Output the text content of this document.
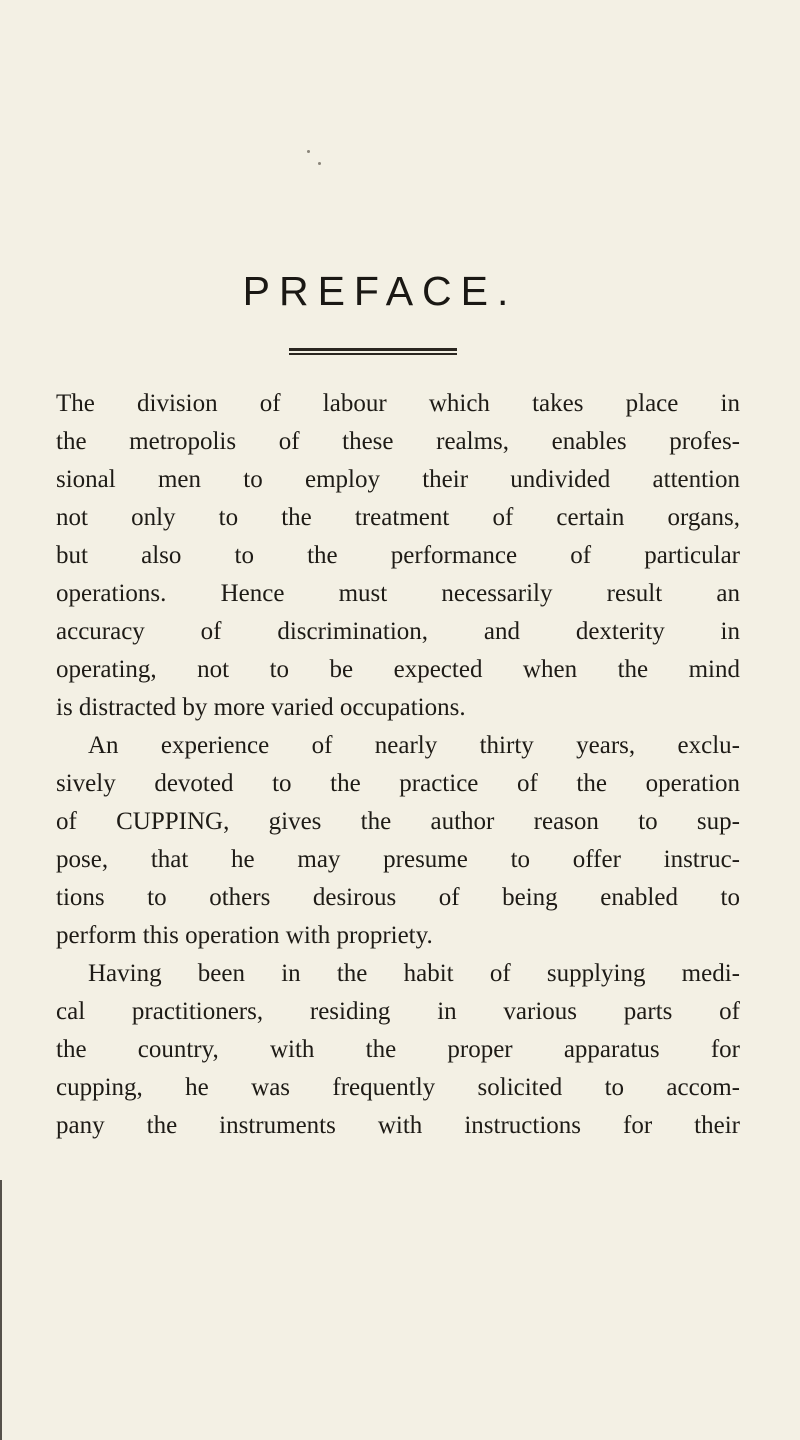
PREFACE.
The division of labour which takes place in
the metropolis of these realms, enables profes-
sional men to employ their undivided attention
not only to the treatment of certain organs,
but also to the performance of particular
operations. Hence must necessarily result an
accuracy of discrimination, and dexterity in
operating, not to be expected when the mind
is distracted by more varied occupations.
An experience of nearly thirty years, exclu-
sively devoted to the practice of the operation
of CUPPING, gives the author reason to sup-
pose, that he may presume to offer instruc-
tions to others desirous of being enabled to
perform this operation with propriety.
Having been in the habit of supplying medi-
cal practitioners, residing in various parts of
the country, with the proper apparatus for
cupping, he was frequently solicited to accom-
pany the instruments with instructions for their
